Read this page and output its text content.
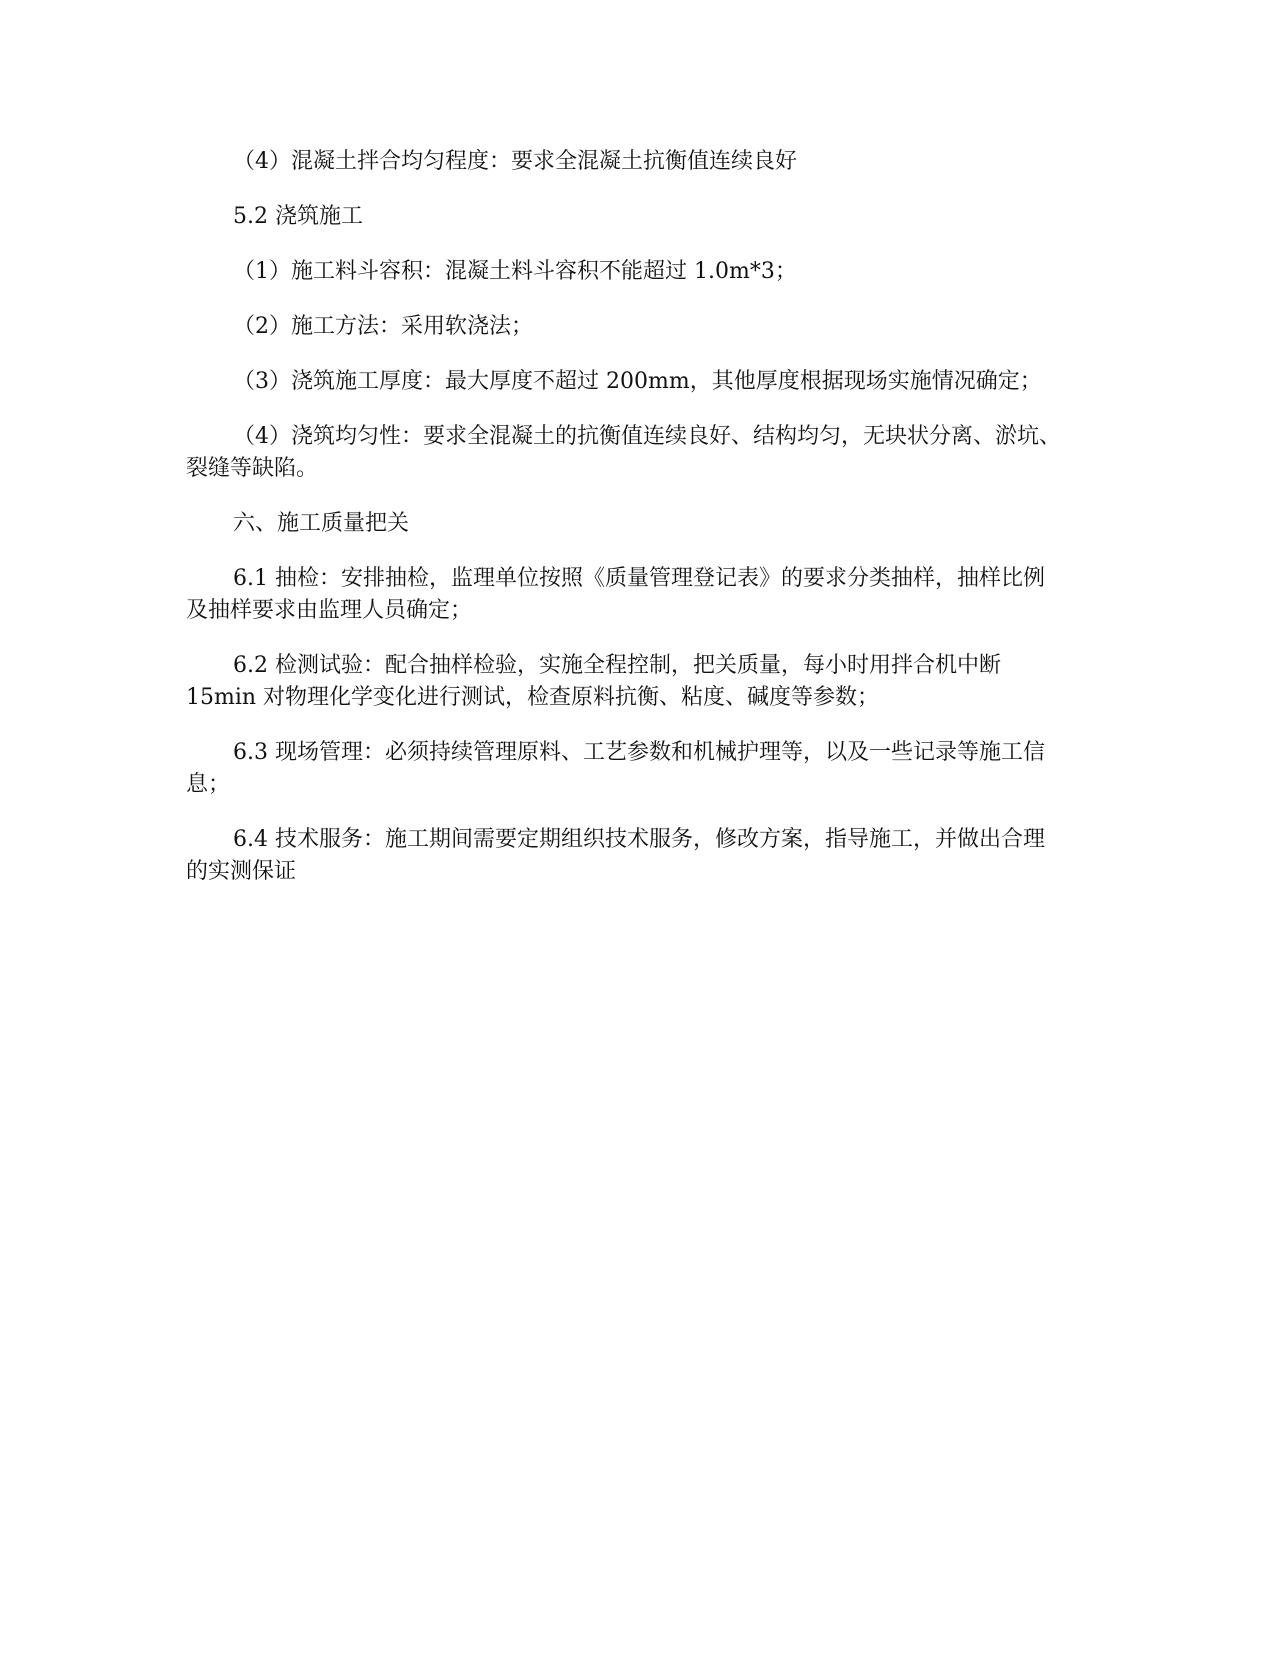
（4）混凝土拌合均匀程度：要求全混凝土抗衡值连续良好

5.2 浇筑施工

（1）施工料斗容积：混凝土料斗容积不能超过 1.0m*3；

（2）施工方法：采用软浇法；

（3）浇筑施工厚度：最大厚度不超过 200mm，其他厚度根据现场实施情况确定；

（4）浇筑均匀性：要求全混凝土的抗衡值连续良好、结构均匀，无块状分离、淤坑、
裂缝等缺陷。

六、施工质量把关

6.1 抽检：安排抽检，监理单位按照《质量管理登记表》的要求分类抽样，抽样比例
及抽样要求由监理人员确定；

6.2 检测试验：配合抽样检验，实施全程控制，把关质量，每小时用拌合机中断
15min 对物理化学变化进行测试，检查原料抗衡、粘度、碱度等参数；

6.3 现场管理：必须持续管理原料、工艺参数和机械护理等，以及一些记录等施工信
息；

6.4 技术服务：施工期间需要定期组织技术服务，修改方案，指导施工，并做出合理
的实测保证
